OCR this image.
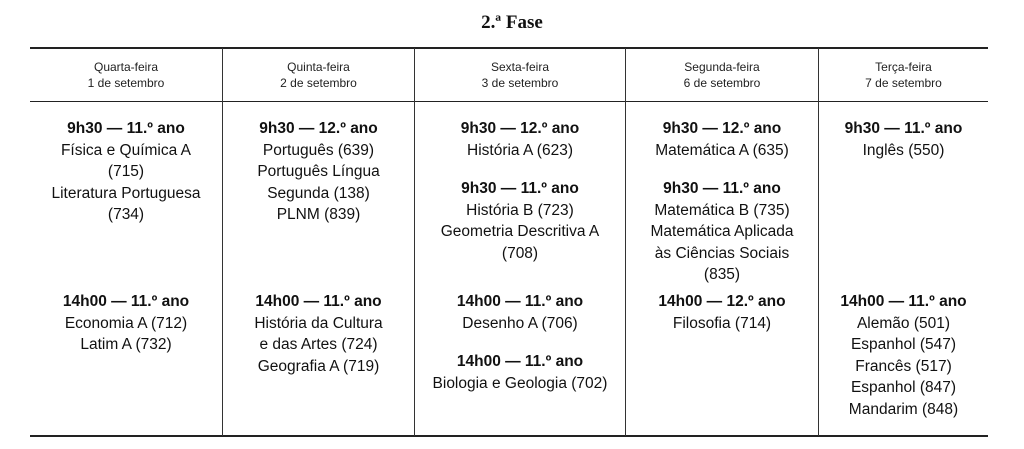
2.ª Fase
Quarta-feira
1 de setembro
9h30 — 11.º ano
Física e Química A
(715)
Literatura Portuguesa
(734)
14h00 — 11.º ano
Economia A (712)
Latim A (732)
Quinta-feira
2 de setembro
9h30 — 12.º ano
Português (639)
Português Língua
Segunda (138)
PLNM (839)
14h00 — 11.º ano
História da Cultura
e das Artes (724)
Geografia A (719)
Sexta-feira
3 de setembro
9h30 — 12.º ano
História A (623)
9h30 — 11.º ano
História B (723)
Geometria Descritiva A
(708)
14h00 — 11.º ano
Desenho A (706)
14h00 — 11.º ano
Biologia e Geologia (702)
Segunda-feira
6 de setembro
9h30 — 12.º ano
Matemática A (635)
9h30 — 11.º ano
Matemática B (735)
Matemática Aplicada
às Ciências Sociais
(835)
14h00 — 12.º ano
Filosofia (714)
Terça-feira
7 de setembro
9h30 — 11.º ano
Inglês (550)
14h00 — 11.º ano
Alemão (501)
Espanhol (547)
Francês (517)
Espanhol (847)
Mandarim (848)
